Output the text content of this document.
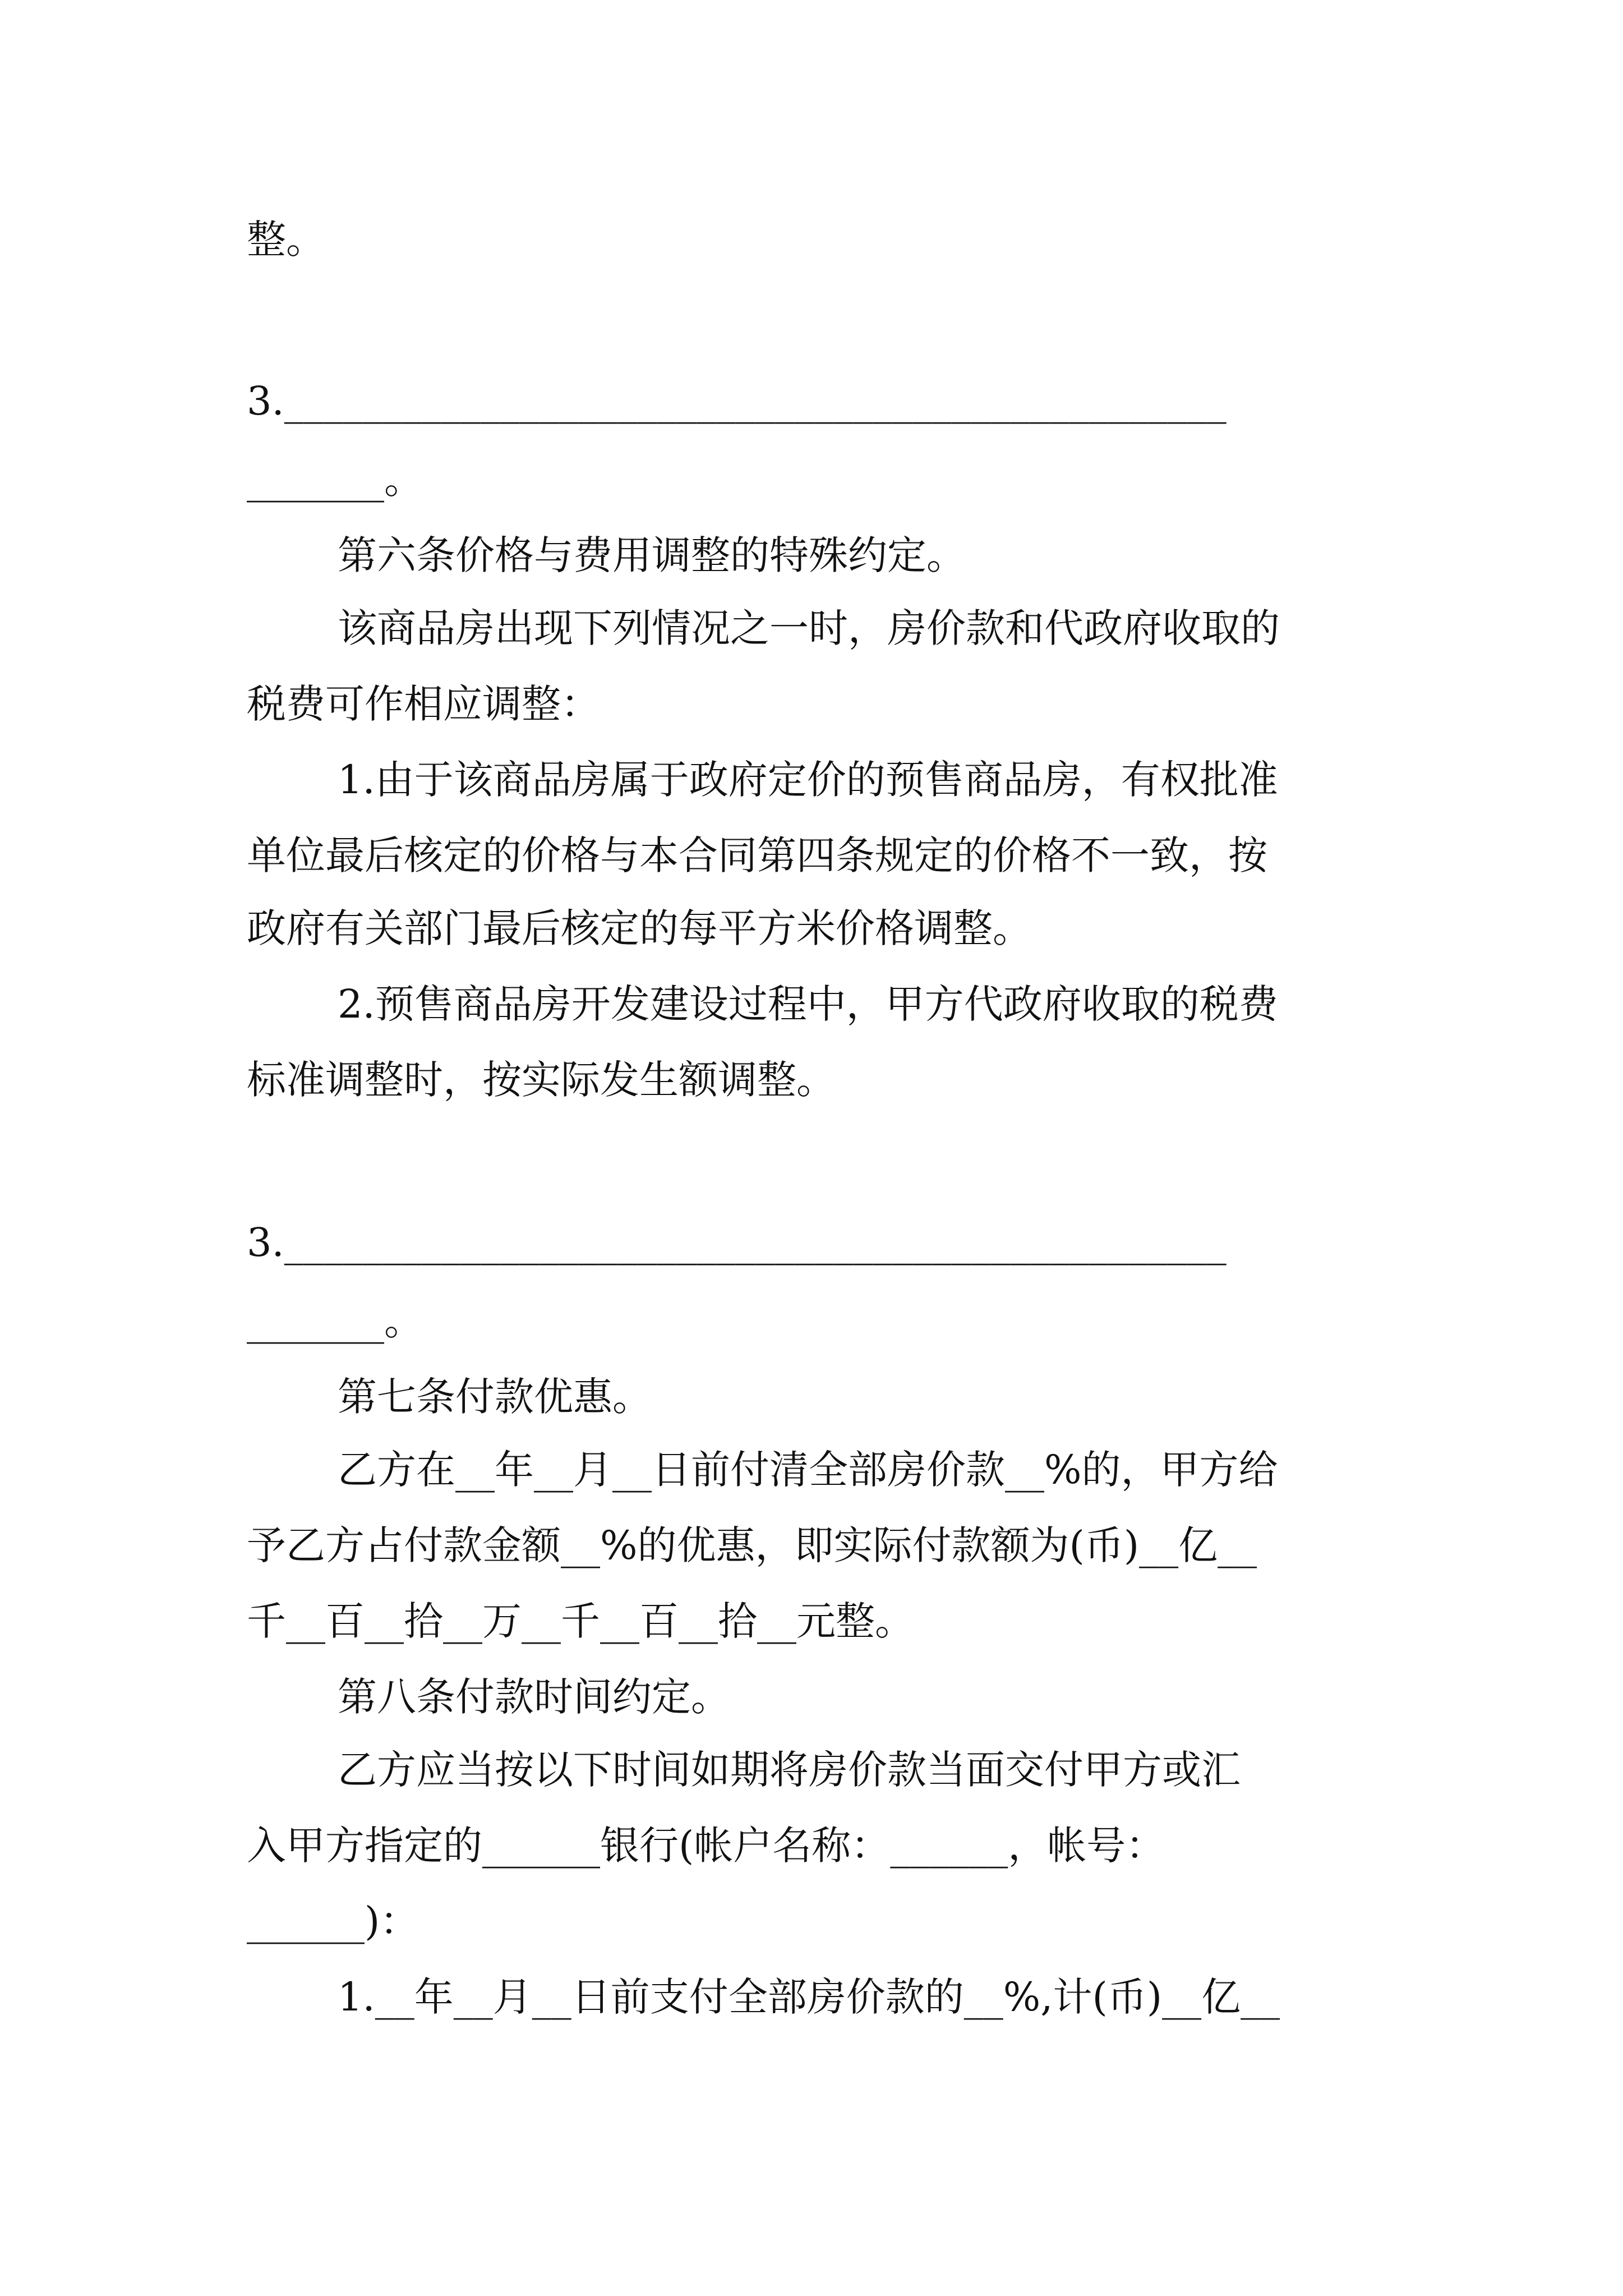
整。
3.________________________________________________
_______。
第六条价格与费用调整的特殊约定。
该商品房出现下列情况之一时，房价款和代政府收取的
税费可作相应调整：
1.由于该商品房属于政府定价的预售商品房，有权批准
单位最后核定的价格与本合同第四条规定的价格不一致，按
政府有关部门最后核定的每平方米价格调整。
2.预售商品房开发建设过程中，甲方代政府收取的税费
标准调整时，按实际发生额调整。
3.________________________________________________
_______。
第七条付款优惠。
乙方在__年__月__日前付清全部房价款__%的，甲方给
予乙方占付款金额__%的优惠，即实际付款额为(币)__亿__
千__百__拾__万__千__百__拾__元整。
第八条付款时间约定。
乙方应当按以下时间如期将房价款当面交付甲方或汇
入甲方指定的______银行(帐户名称：______，帐号：
______)：
1.__年__月__日前支付全部房价款的__%,计(币)__亿__
